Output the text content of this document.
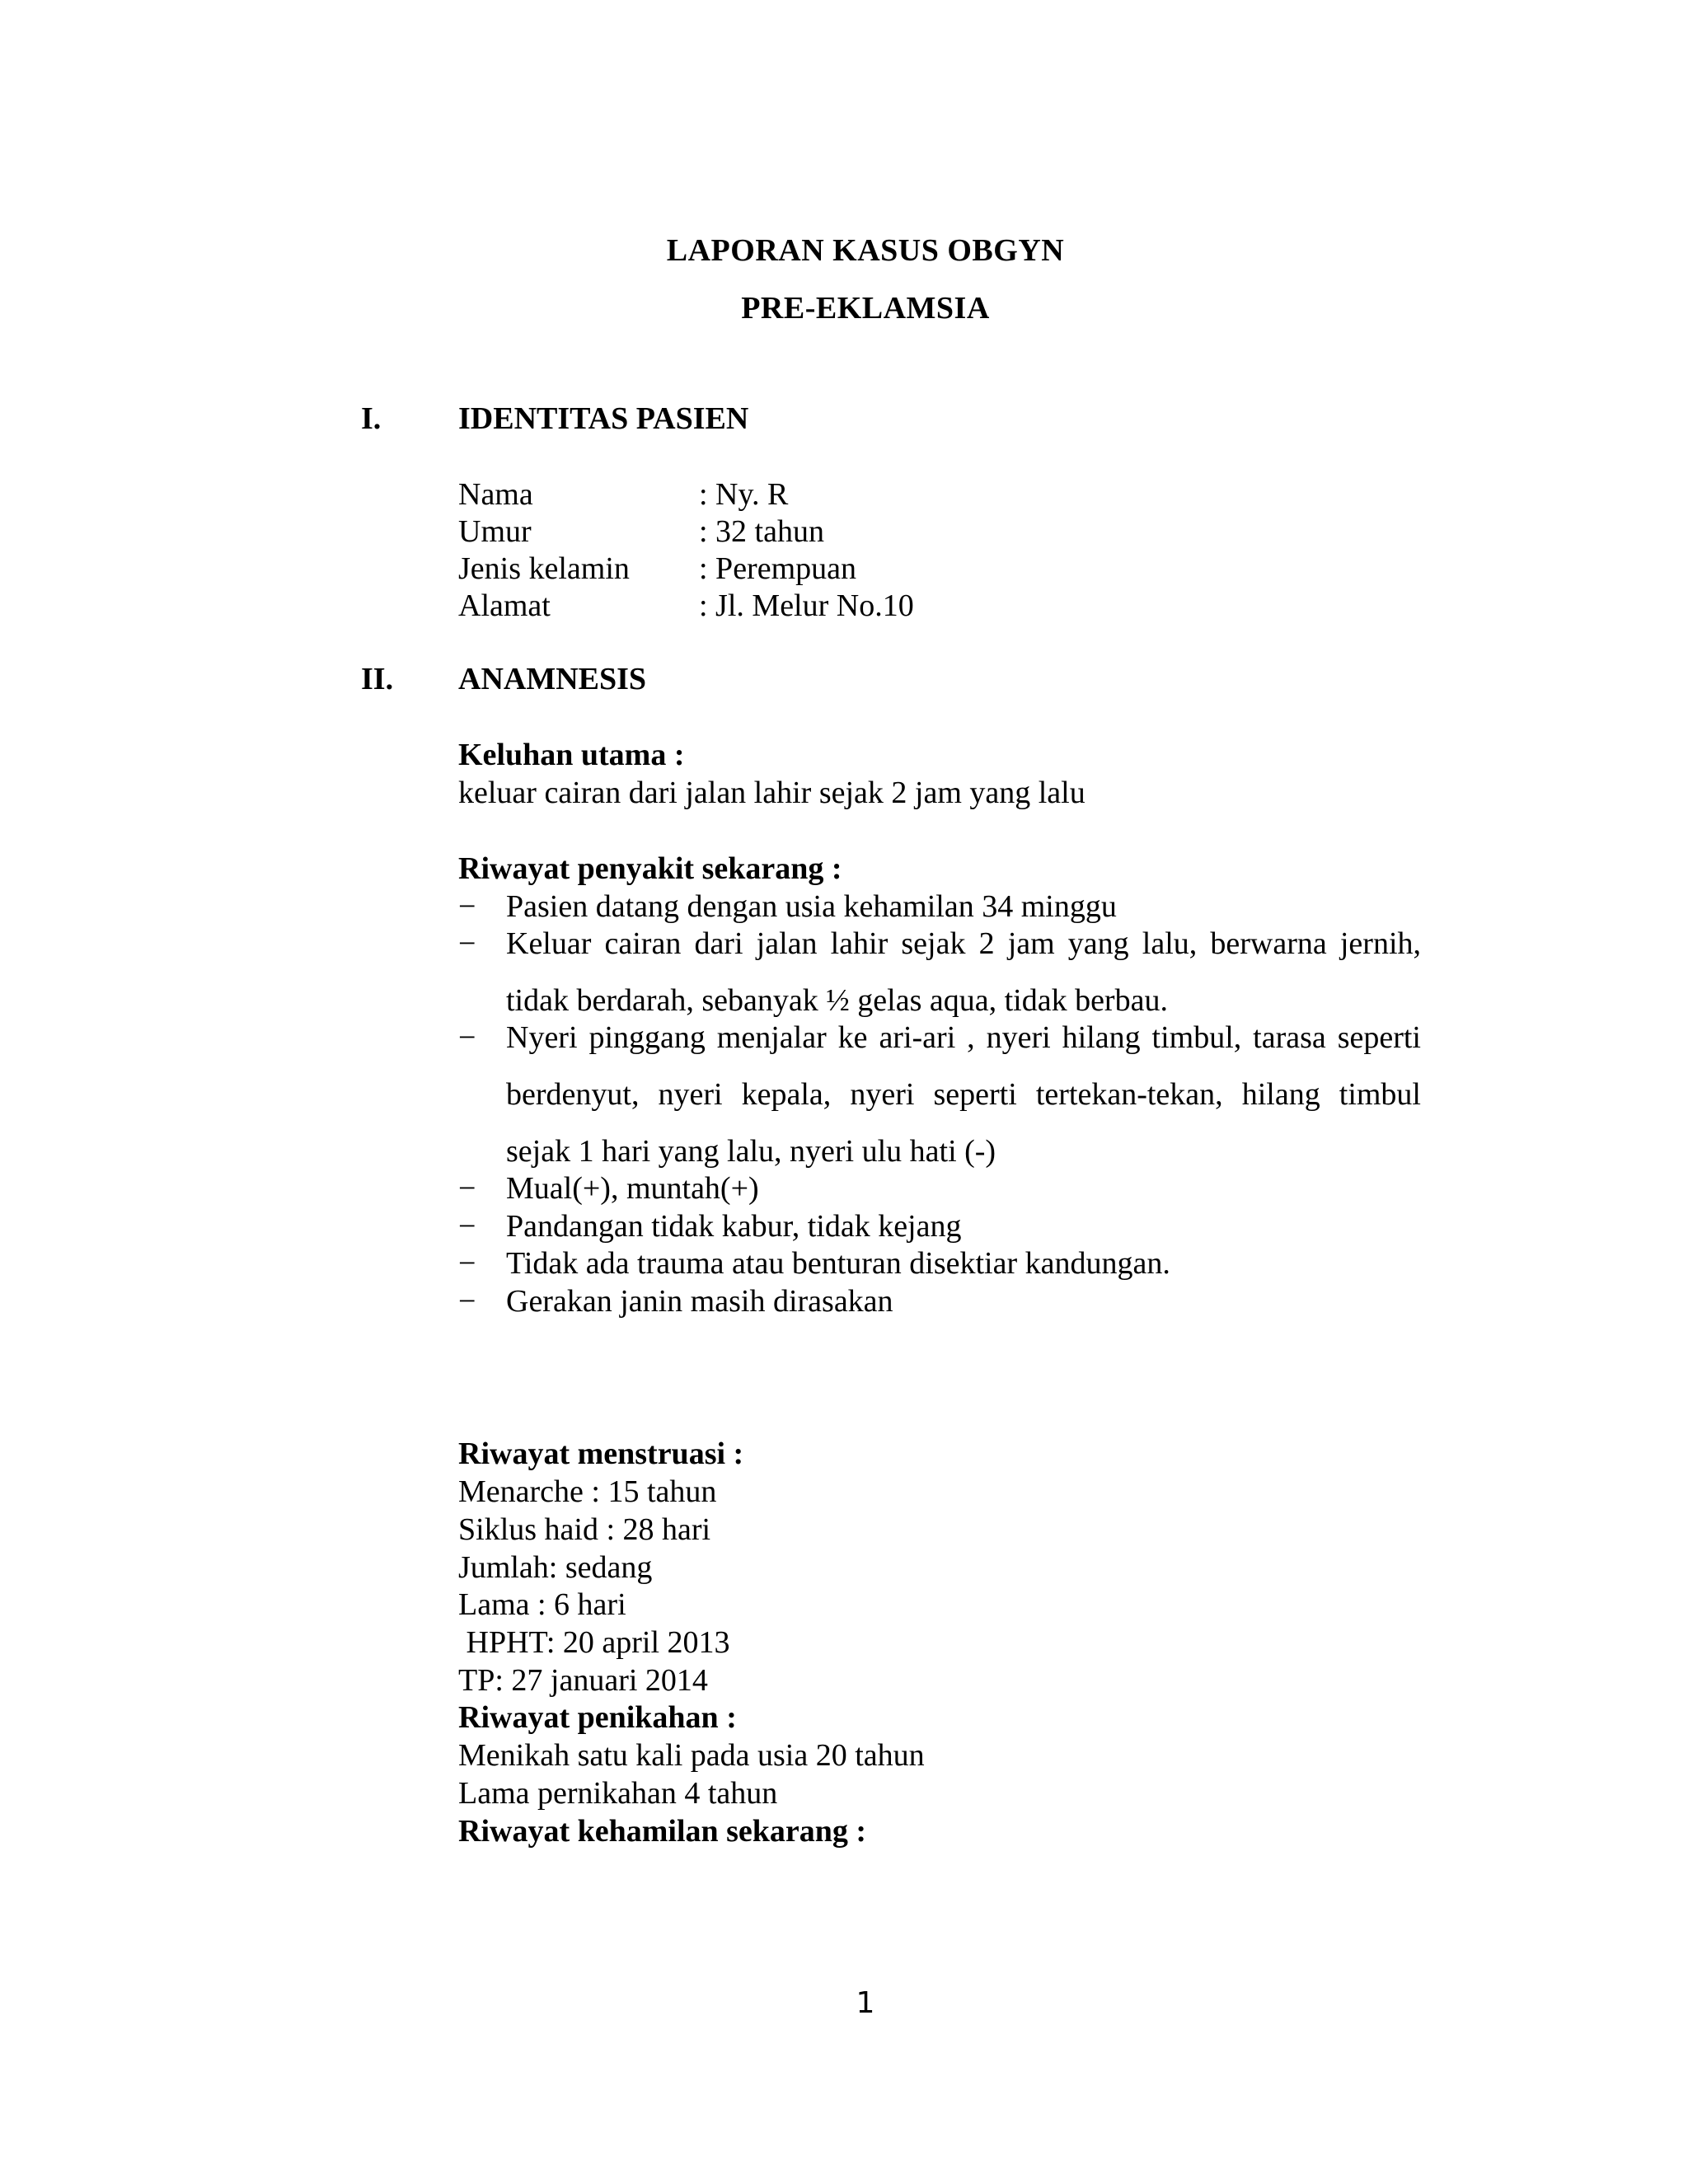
LAPORAN KASUS OBGYN
PRE-EKLAMSIA
I. IDENTITAS PASIEN
Nama	: Ny. R
Umur	: 32 tahun
Jenis kelamin : Perempuan
Alamat	: Jl. Melur No.10
II. ANAMNESIS
Keluhan utama :
keluar cairan dari jalan lahir sejak 2 jam yang lalu
Riwayat penyakit sekarang :
− Pasien datang dengan usia kehamilan 34 minggu
− Keluar cairan dari jalan lahir sejak 2 jam yang lalu, berwarna jernih,
tidak berdarah, sebanyak ½ gelas aqua, tidak berbau.
− Nyeri pinggang menjalar ke ari-ari , nyeri hilang timbul, tarasa seperti
berdenyut, nyeri kepala, nyeri seperti tertekan-tekan, hilang timbul
sejak 1 hari yang lalu, nyeri ulu hati (-)
− Mual(+), muntah(+)
− Pandangan tidak kabur, tidak kejang
− Tidak ada trauma atau benturan disektiar kandungan.
− Gerakan janin masih dirasakan
Riwayat menstruasi :
Menarche : 15 tahun
Siklus haid : 28 hari
Jumlah: sedang
Lama : 6 hari
HPHT: 20 april 2013
TP: 27 januari 2014
Riwayat penikahan :
Menikah satu kali pada usia 20 tahun
Lama pernikahan 4 tahun
Riwayat kehamilan sekarang :
1
